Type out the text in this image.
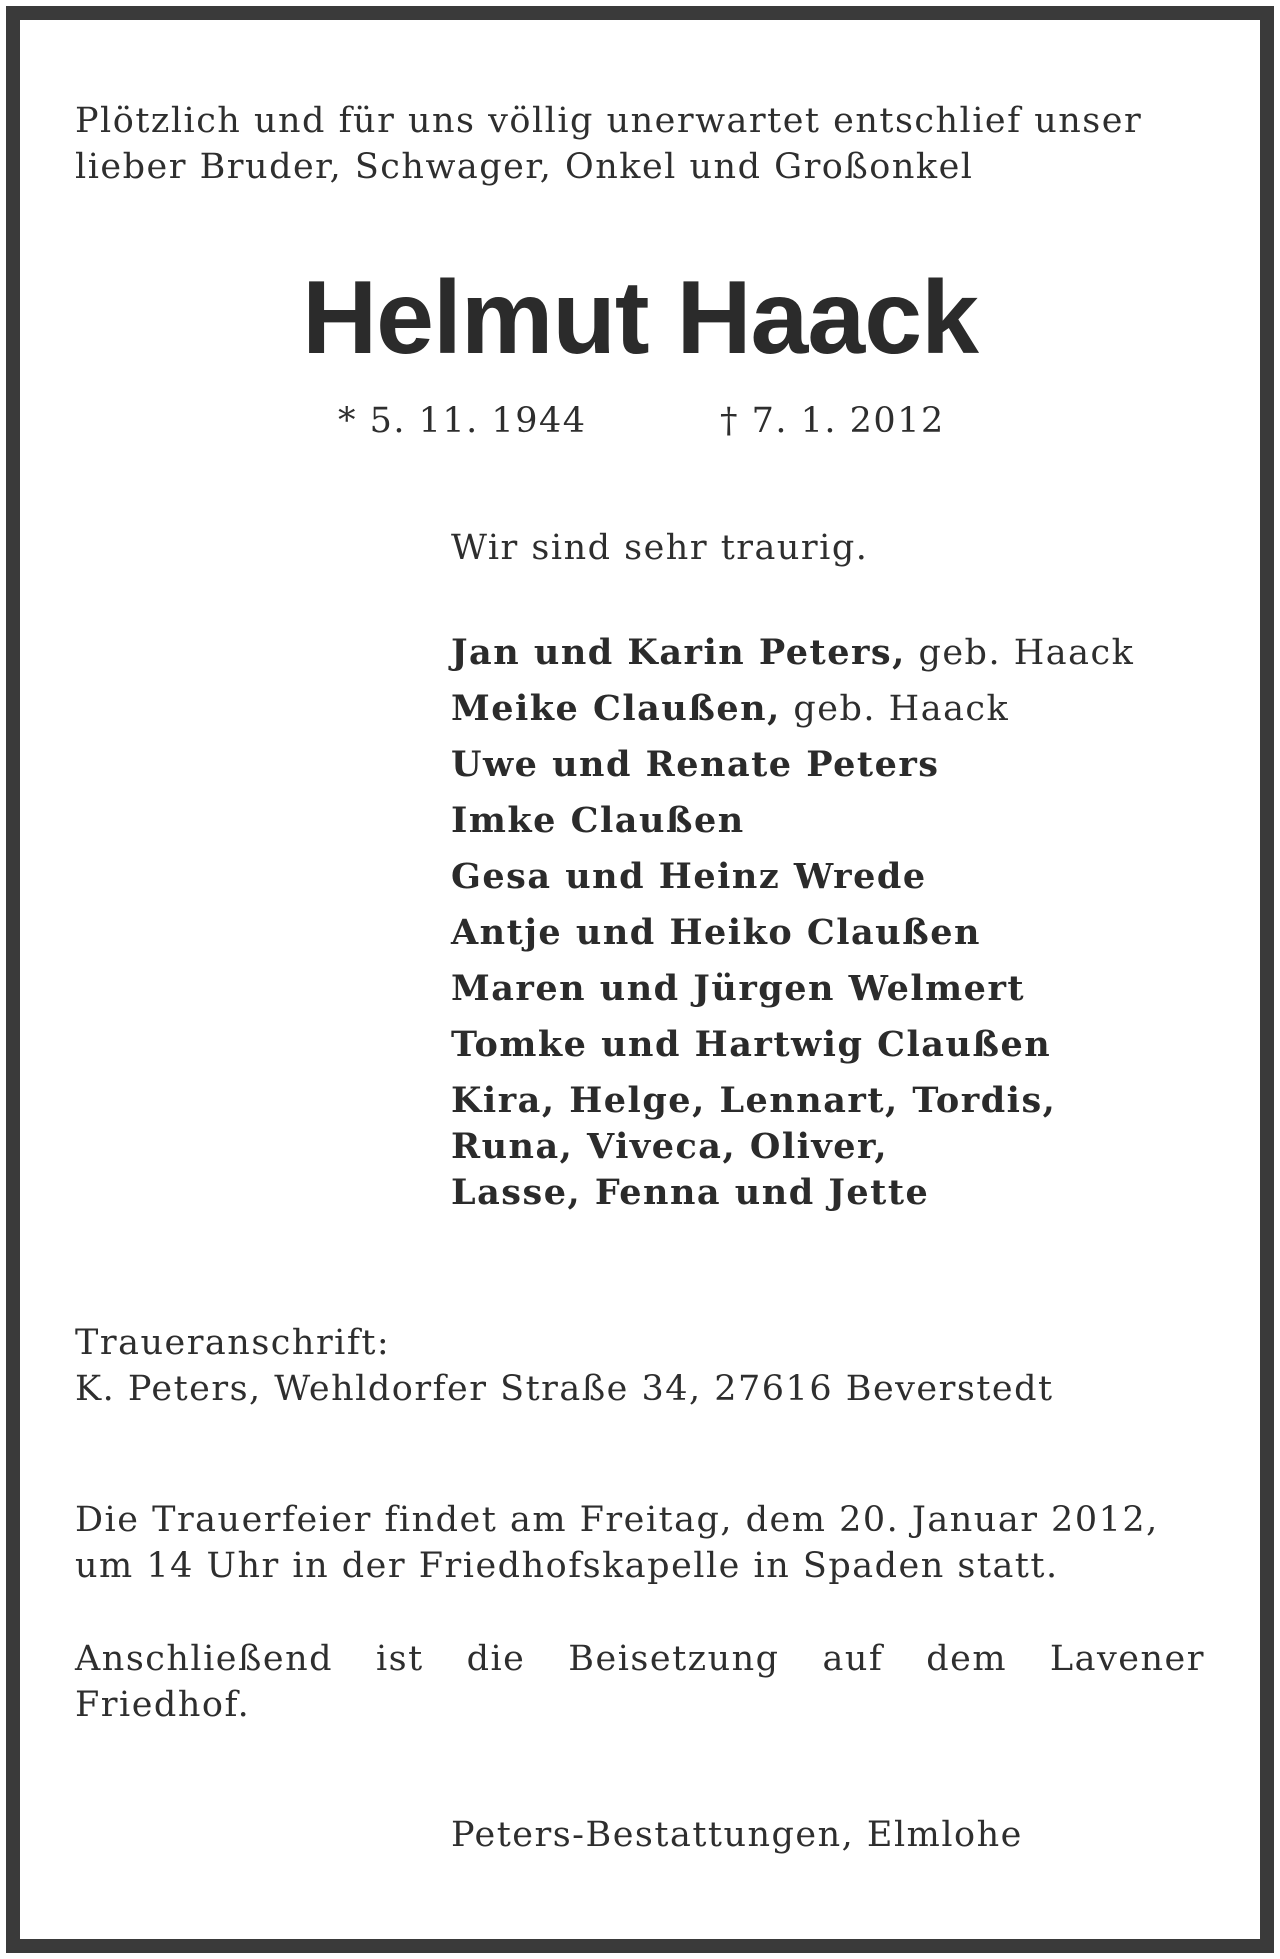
Plötzlich und für uns völlig unerwartet entschlief unser
lieber Bruder, Schwager, Onkel und Großonkel
Helmut Haack
* 5. 11. 1944	† 7. 1. 2012
Wir sind sehr traurig.
Jan und Karin Peters, geb. Haack
Meike Claußen, geb. Haack
Uwe und Renate Peters
Imke Claußen
Gesa und Heinz Wrede
Antje und Heiko Claußen
Maren und Jürgen Welmert
Tomke und Hartwig Claußen
Kira, Helge, Lennart, Tordis,
Runa, Viveca, Oliver,
Lasse, Fenna und Jette
Traueranschrift:
K. Peters, Wehldorfer Straße 34, 27616 Beverstedt
Die Trauerfeier findet am Freitag, dem 20. Januar 2012,
um 14 Uhr in der Friedhofskapelle in Spaden statt.
Anschließend ist die Beisetzung auf dem Lavener
Friedhof.
Peters-Bestattungen, Elmlohe
